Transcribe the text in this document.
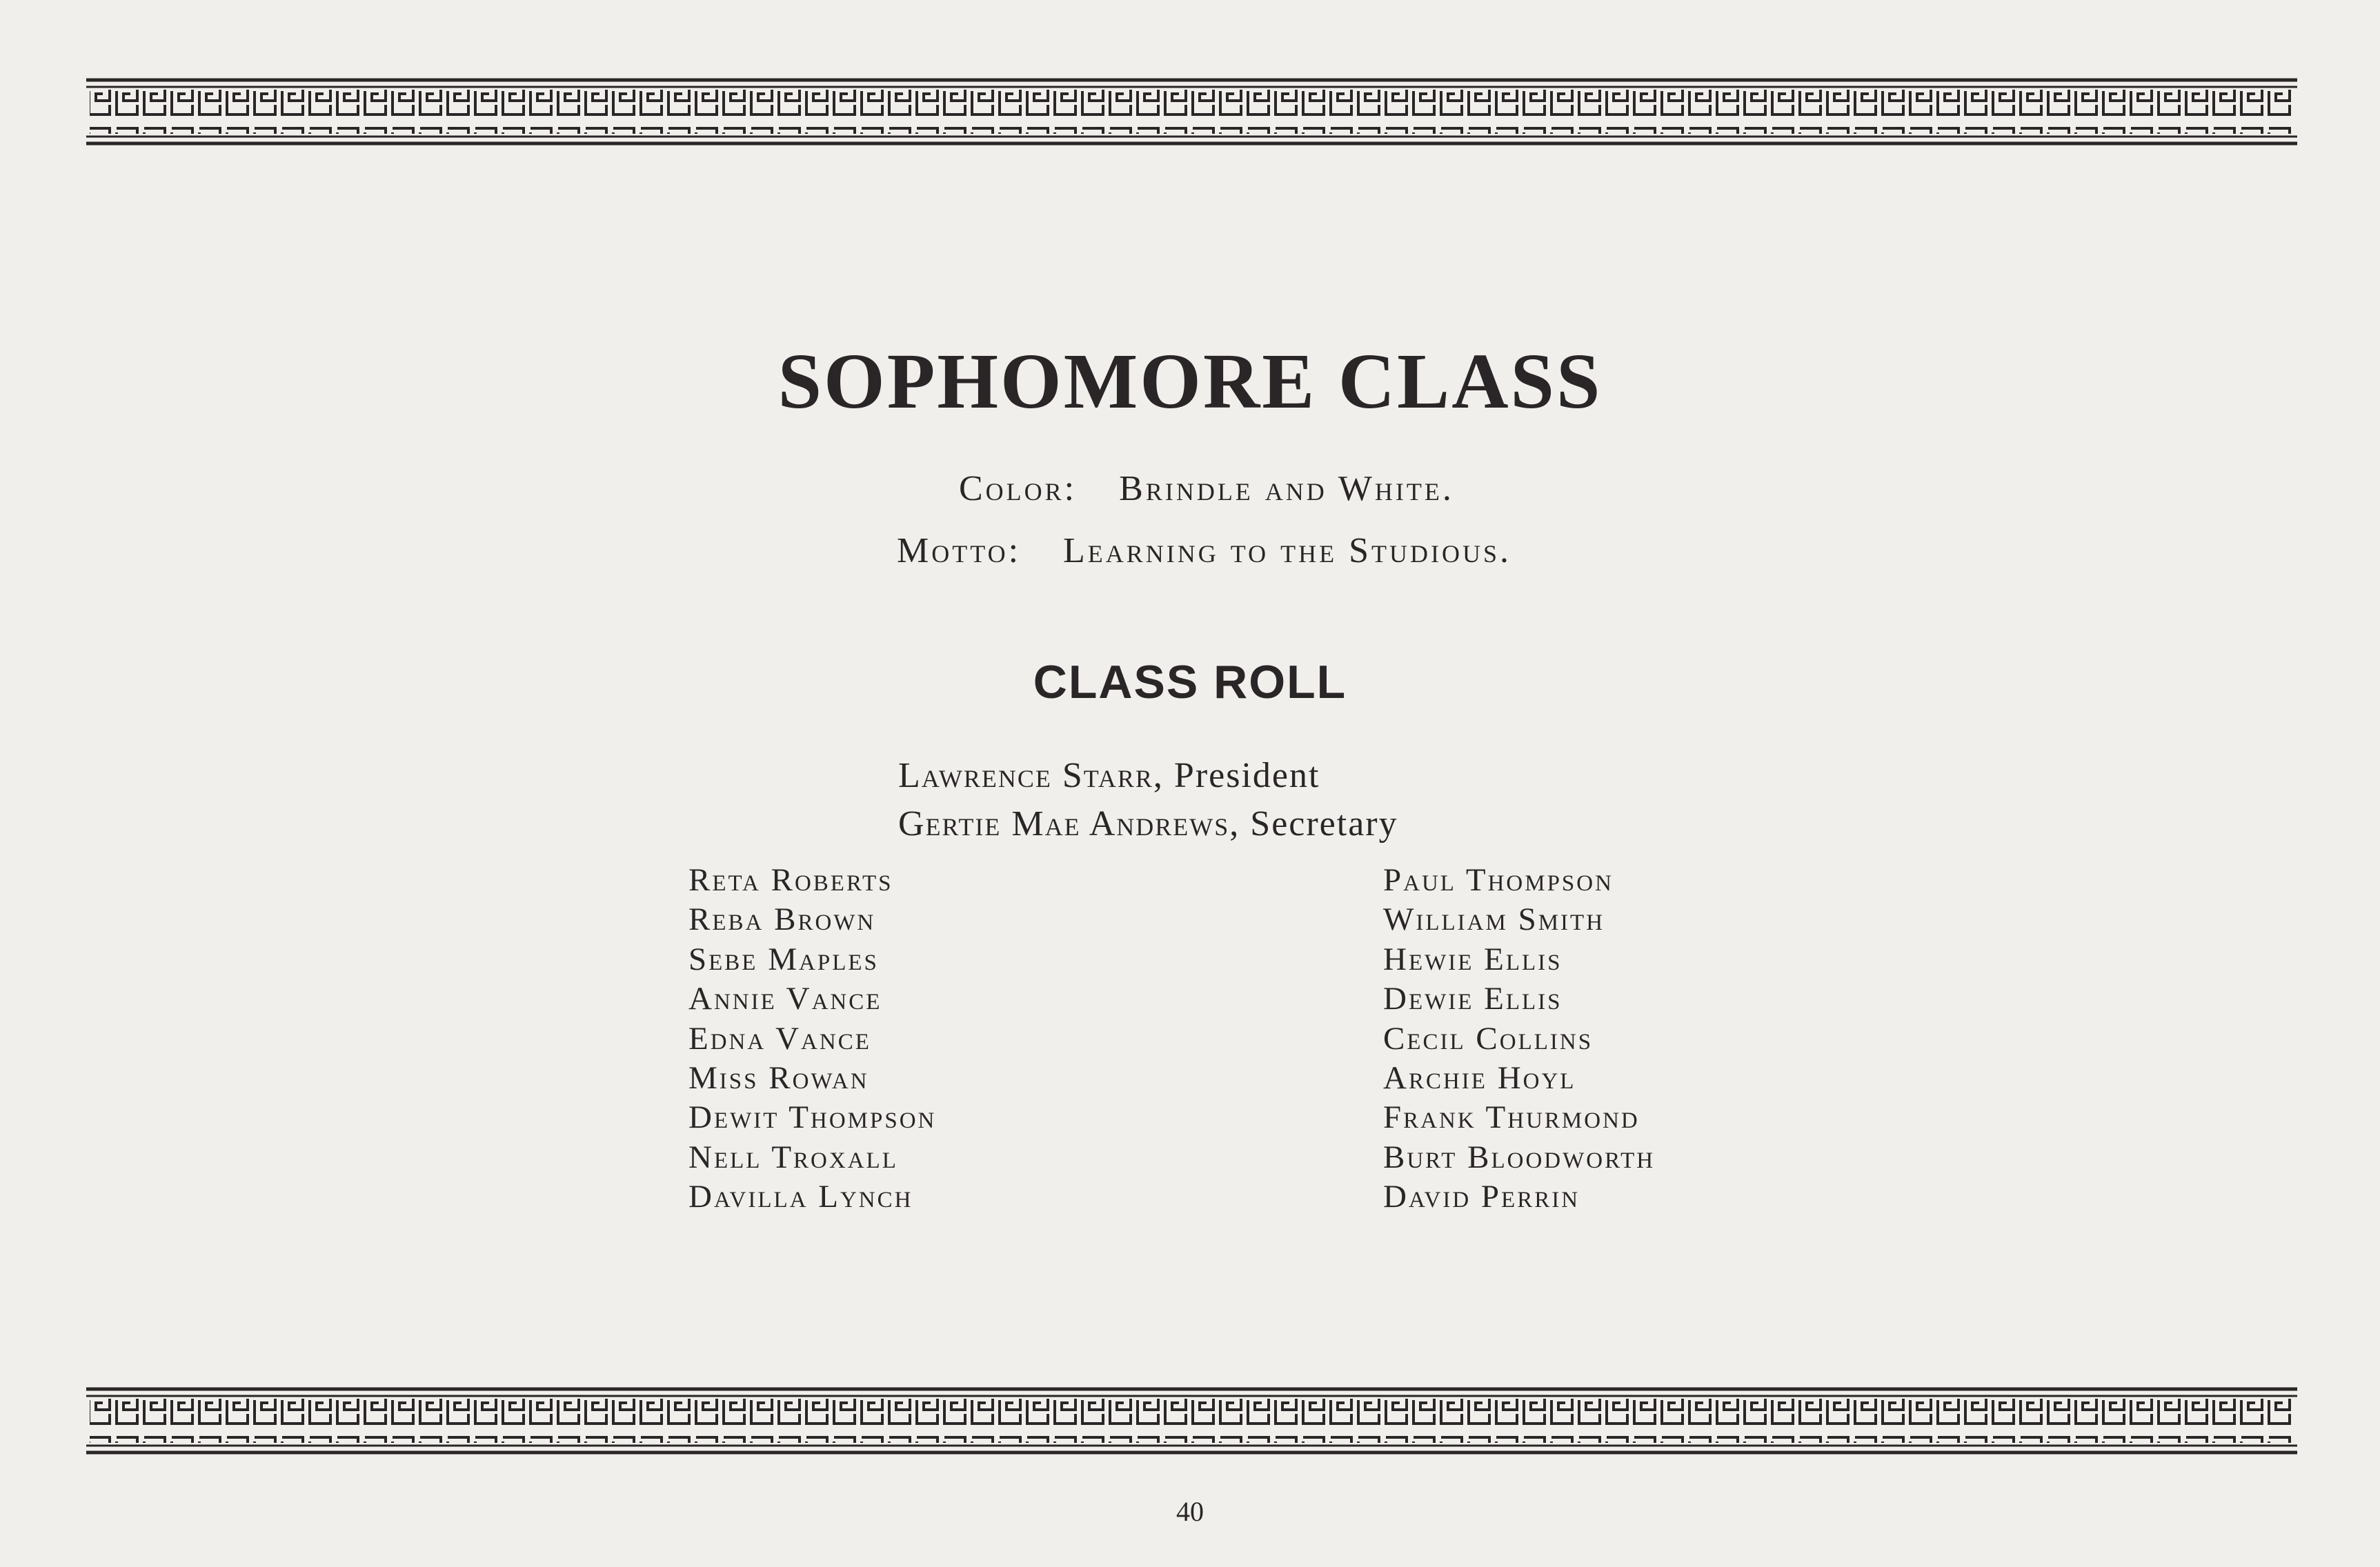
SOPHOMORE CLASS
Color: Brindle and White.
Motto: Learning to the Studious.
CLASS ROLL
Lawrence Starr, President
Gertie Mae Andrews, Secretary
Reta Roberts
Reba Brown
Sebe Maples
Annie Vance
Edna Vance
Miss Rowan
Dewit Thompson
Nell Troxall
Davilla Lynch
Paul Thompson
William Smith
Hewie Ellis
Dewie Ellis
Cecil Collins
Archie Hoyl
Frank Thurmond
Burt Bloodworth
David Perrin
40
